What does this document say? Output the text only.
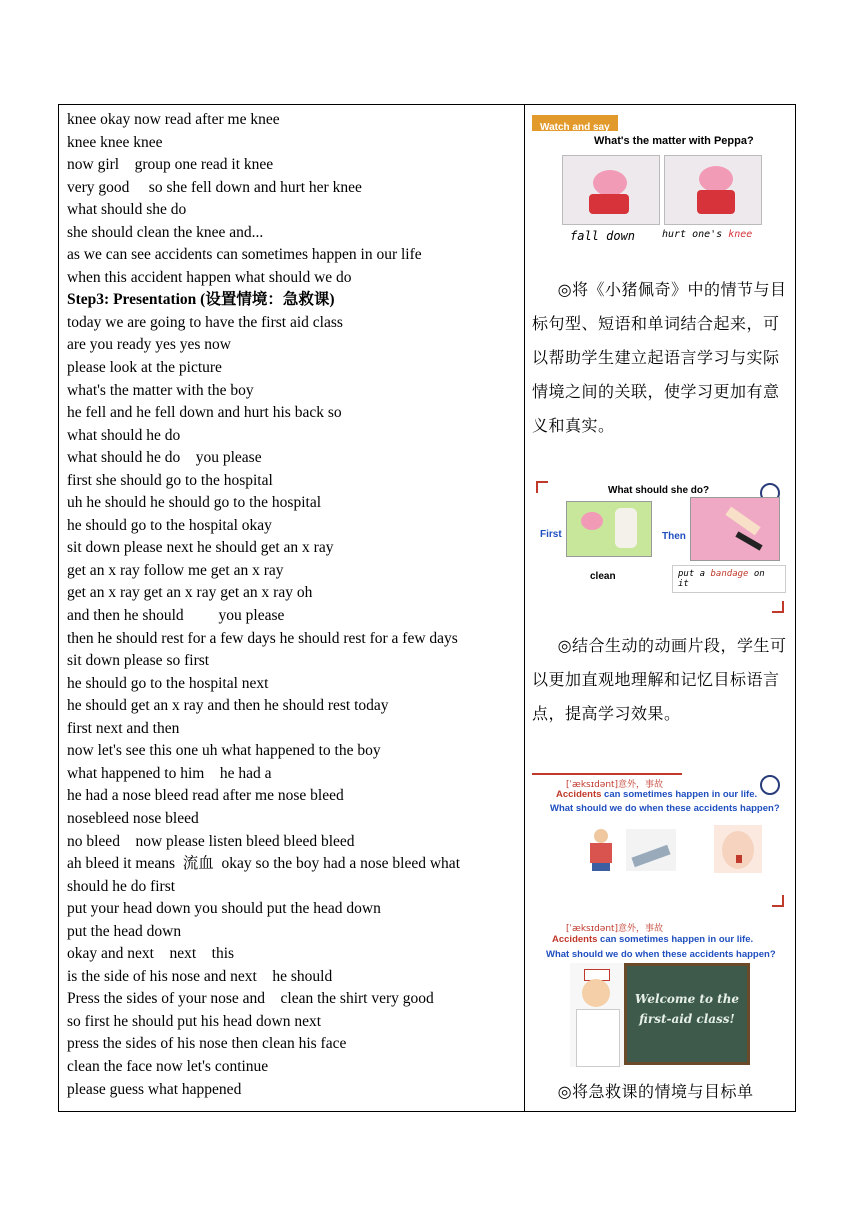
knee okay now read after me knee
knee knee knee
now girl    group one read it knee
very good     so she fell down and hurt her knee
what should she do
she should clean the knee and...
as we can see accidents can sometimes happen in our life
when this accident happen what should we do
Step3: Presentation (设置情境：急救课)
today we are going to have the first aid class
are you ready yes yes now
please look at the picture
what's the matter with the boy
he fell and he fell down and hurt his back so
what should he do
what should he do    you please
first she should go to the hospital
uh he should he should go to the hospital
he should go to the hospital okay
sit down please next he should get an x ray
get an x ray follow me get an x ray
get an x ray get an x ray get an x ray oh
and then he should         you please
then he should rest for a few days he should rest for a few days
sit down please so first
he should go to the hospital next
he should get an x ray and then he should rest today
first next and then
now let's see this one uh what happened to the boy
what happened to him    he had a
he had a nose bleed read after me nose bleed
nosebleed nose bleed
no bleed    now please listen bleed bleed bleed
ah bleed it means  流血  okay so the boy had a nose bleed what
should he do first
put your head down you should put the head down
put the head down
okay and next    next    this
is the side of his nose and next    he should
Press the sides of your nose and    clean the shirt very good
so first he should put his head down next
press the sides of his nose then clean his face
clean the face now let's continue
please guess what happened
Watch and say
What's the matter with Peppa?
fall down	hurt one's knee

◎将《小猪佩奇》中的情节与目标句型、短语和单词结合起来，可以帮助学生建立起语言学习与实际情境之间的关联，使学习更加有意义和真实。

What should she do?
First	Then
clean	put a bandage on it

◎结合生动的动画片段，学生可以更加直观地理解和记忆目标语言点，提高学习效果。

[ˈæksɪdənt]意外，事故
Accidents can sometimes happen in our life.
What should we do when these accidents happen?
[ˈæksɪdənt]意外，事故
Accidents can sometimes happen in our life.
What should we do when these accidents happen?
Welcome to the
first-aid class!

◎将急救课的情境与目标单
